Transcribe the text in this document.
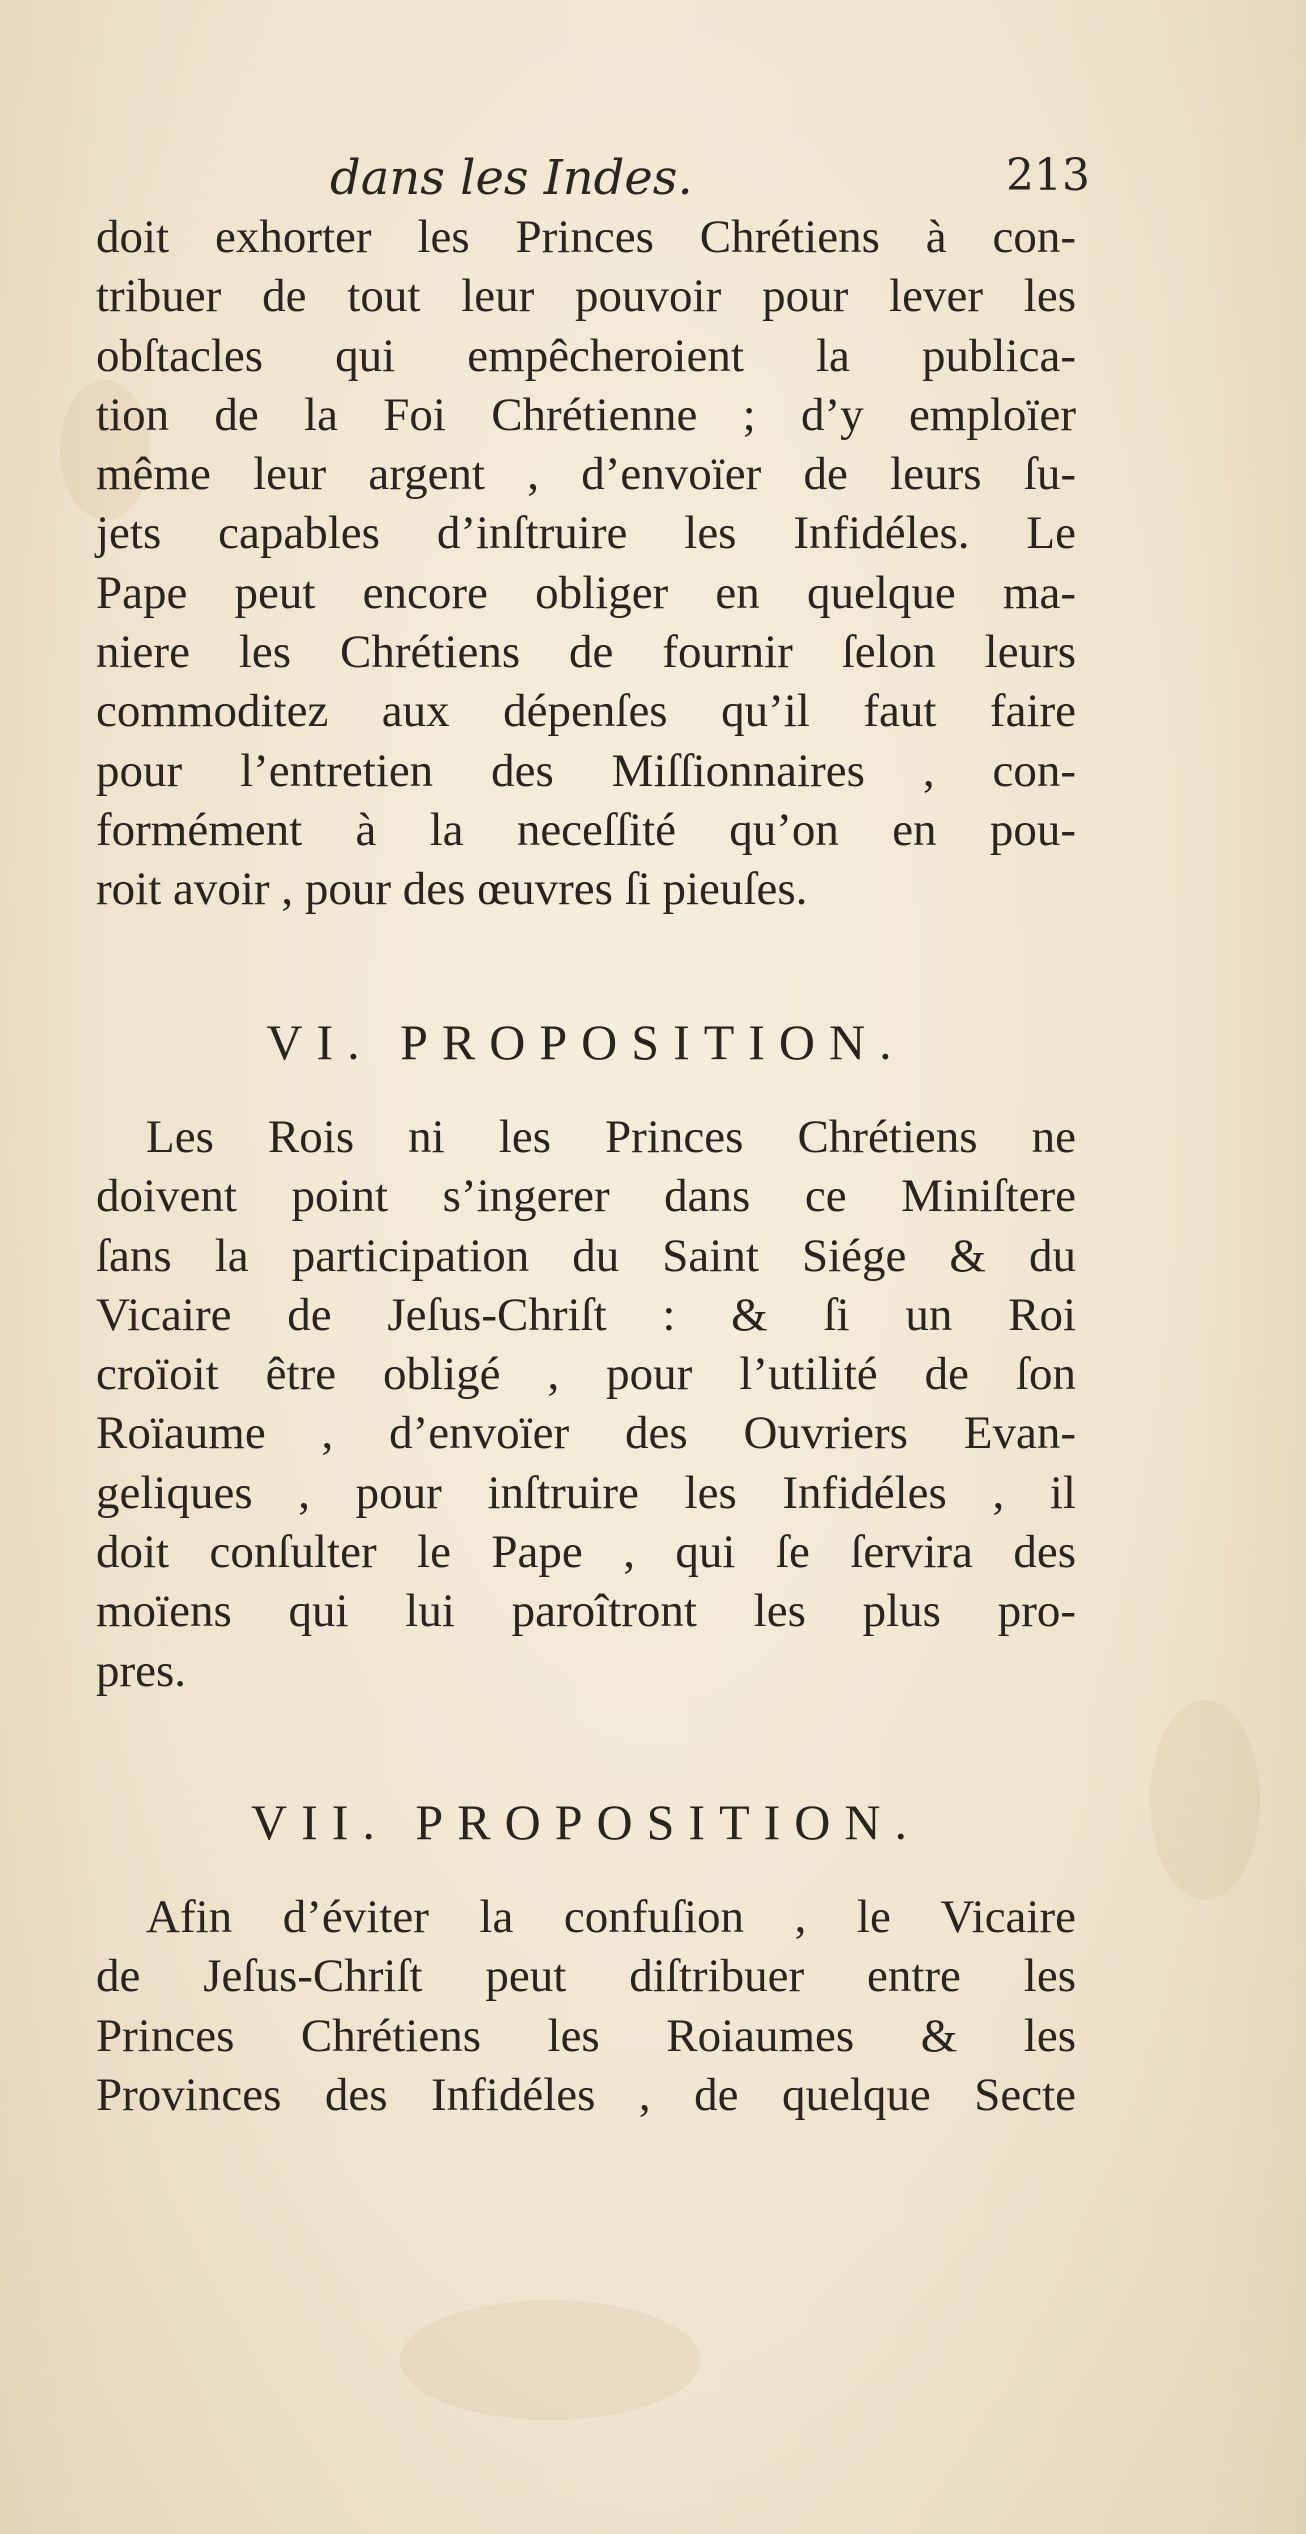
dans les Indes.	213
doit exhorter les Princes Chrétiens à con-
tribuer de tout leur pouvoir pour lever les
obſtacles qui empêcheroient la publica-
tion de la Foi Chrétienne ; d’y emploïer
même leur argent , d’envoïer de leurs ſu-
jets capables d’inſtruire les Infidéles. Le
Pape peut encore obliger en quelque ma-
niere les Chrétiens de fournir ſelon leurs
commoditez aux dépenſes qu’il faut faire
pour l’entretien des Miſſionnaires , con-
formément à la neceſſité qu’on en pou-
roit avoir , pour des œuvres ſi pieuſes.
VI. PROPOSITION.
Les Rois ni les Princes Chrétiens ne
doivent point s’ingerer dans ce Miniſtere
ſans la participation du Saint Siége & du
Vicaire de Jeſus-Chriſt : & ſi un Roi
croïoit être obligé , pour l’utilité de ſon
Roïaume , d’envoïer des Ouvriers Evan-
geliques , pour inſtruire les Infidéles , il
doit conſulter le Pape , qui ſe ſervira des
moïens qui lui paroîtront les plus pro-
pres.
VII. PROPOSITION.
Afin d’éviter la confuſion , le Vicaire
de Jeſus-Chriſt peut diſtribuer entre les
Princes Chrétiens les Roiaumes & les
Provinces des Infidéles , de quelque Secte
